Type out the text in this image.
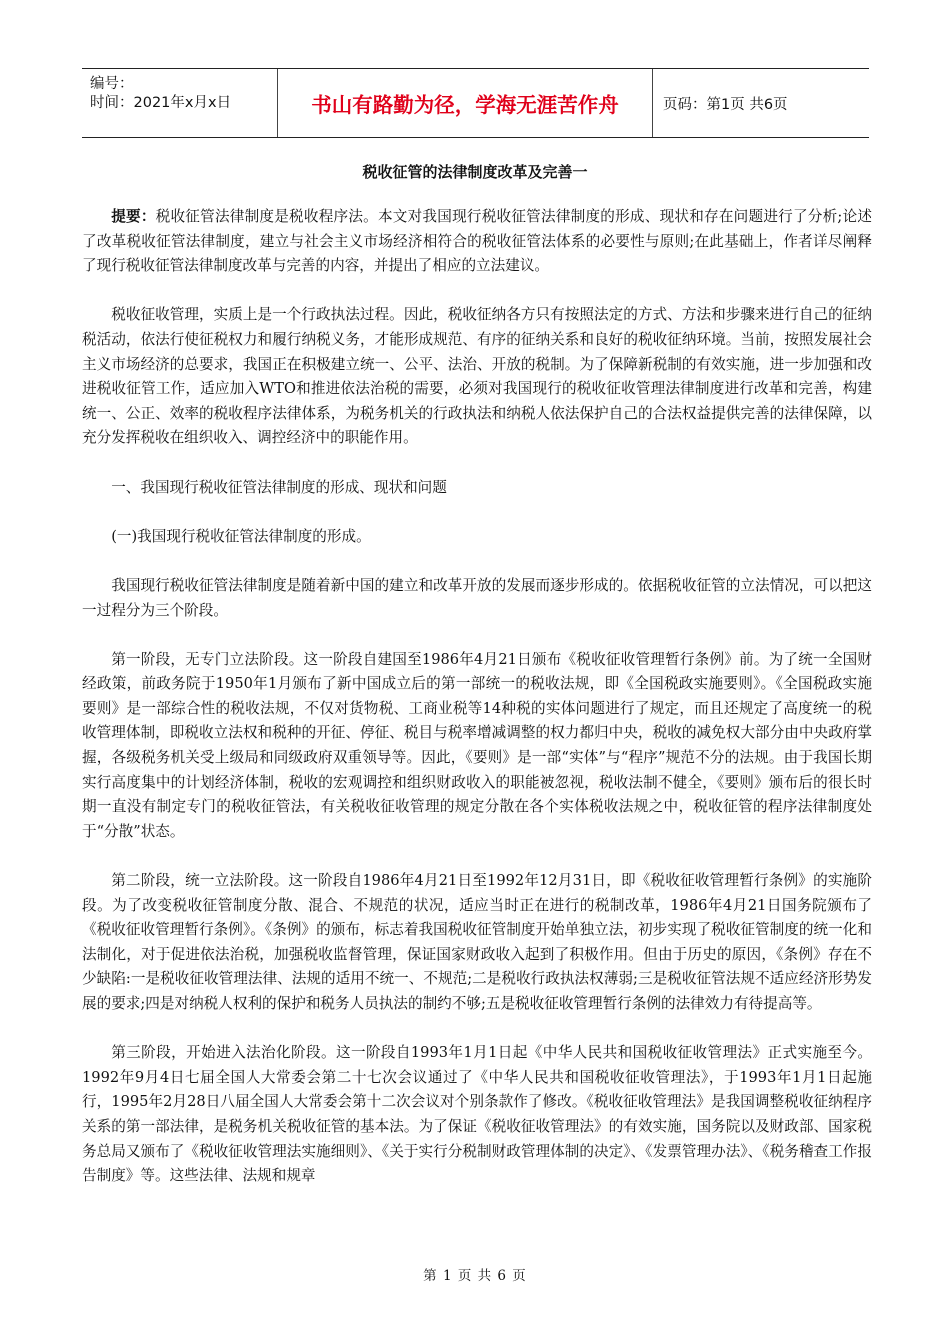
编号：
时间：2021年x月x日	书山有路勤为径，学海无涯苦作舟	页码：第1页 共6页
税收征管的法律制度改革及完善一

提要：税收征管法律制度是税收程序法。本文对我国现行税收征管法律制度的形成、现状和存在问题进行了分析;论述了改革税收征管法律制度，建立与社会主义市场经济相符合的税收征管法体系的必要性与原则;在此基础上，作者详尽阐释了现行税收征管法律制度改革与完善的内容，并提出了相应的立法建议。

税收征收管理，实质上是一个行政执法过程。因此，税收征纳各方只有按照法定的方式、方法和步骤来进行自己的征纳税活动，依法行使征税权力和履行纳税义务，才能形成规范、有序的征纳关系和良好的税收征纳环境。当前，按照发展社会主义市场经济的总要求，我国正在积极建立统一、公平、法治、开放的税制。为了保障新税制的有效实施，进一步加强和改进税收征管工作，适应加入WTO和推进依法治税的需要，必须对我国现行的税收征收管理法律制度进行改革和完善，构建统一、公正、效率的税收程序法律体系，为税务机关的行政执法和纳税人依法保护自己的合法权益提供完善的法律保障，以充分发挥税收在组织收入、调控经济中的职能作用。

一、我国现行税收征管法律制度的形成、现状和问题

(一)我国现行税收征管法律制度的形成。

我国现行税收征管法律制度是随着新中国的建立和改革开放的发展而逐步形成的。依据税收征管的立法情况，可以把这一过程分为三个阶段。

第一阶段，无专门立法阶段。这一阶段自建国至1986年4月21日颁布《税收征收管理暂行条例》前。为了统一全国财经政策，前政务院于1950年1月颁布了新中国成立后的第一部统一的税收法规，即《全国税政实施要则》。《全国税政实施要则》是一部综合性的税收法规，不仅对货物税、工商业税等14种税的实体问题进行了规定，而且还规定了高度统一的税收管理体制，即税收立法权和税种的开征、停征、税目与税率增减调整的权力都归中央，税收的减免权大部分由中央政府掌握，各级税务机关受上级局和同级政府双重领导等。因此，《要则》是一部“实体”与“程序”规范不分的法规。由于我国长期实行高度集中的计划经济体制，税收的宏观调控和组织财政收入的职能被忽视，税收法制不健全，《要则》颁布后的很长时期一直没有制定专门的税收征管法，有关税收征收管理的规定分散在各个实体税收法规之中，税收征管的程序法律制度处于“分散”状态。

第二阶段，统一立法阶段。这一阶段自1986年4月21日至1992年12月31日，即《税收征收管理暂行条例》的实施阶段。为了改变税收征管制度分散、混合、不规范的状况，适应当时正在进行的税制改革，1986年4月21日国务院颁布了《税收征收管理暂行条例》。《条例》的颁布，标志着我国税收征管制度开始单独立法，初步实现了税收征管制度的统一化和法制化，对于促进依法治税，加强税收监督管理，保证国家财政收入起到了积极作用。但由于历史的原因，《条例》存在不少缺陷:一是税收征收管理法律、法规的适用不统一、不规范;二是税收行政执法权薄弱;三是税收征管法规不适应经济形势发展的要求;四是对纳税人权利的保护和税务人员执法的制约不够;五是税收征收管理暂行条例的法律效力有待提高等。

第三阶段，开始进入法治化阶段。这一阶段自1993年1月1日起《中华人民共和国税收征收管理法》正式实施至今。1992年9月4日七届全国人大常委会第二十七次会议通过了《中华人民共和国税收征收管理法》，于1993年1月1日起施行，1995年2月28日八届全国人大常委会第十二次会议对个别条款作了修改。《税收征收管理法》是我国调整税收征纳程序关系的第一部法律，是税务机关税收征管的基本法。为了保证《税收征收管理法》的有效实施，国务院以及财政部、国家税务总局又颁布了《税收征收管理法实施细则》、《关于实行分税制财政管理体制的决定》、《发票管理办法》、《税务稽查工作报告制度》等。这些法律、法规和规章

第 1 页 共 6 页
